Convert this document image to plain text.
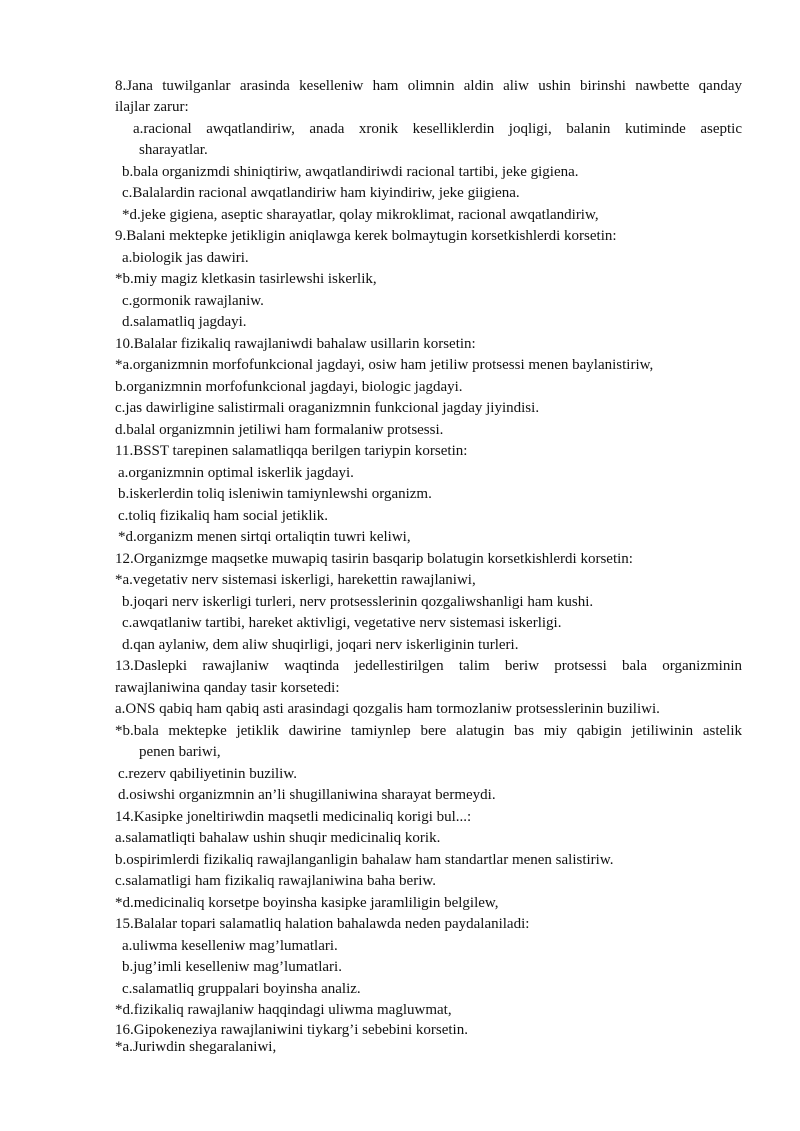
8.Jana tuwilganlar arasinda keselleniw ham olimnin aldin aliw ushin birinshi nawbette qanday
ilajlar zarur:
a.racional awqatlandiriw, anada xronik keselliklerdin joqligi, balanin kutiminde aseptic
sharayatlar.
b.bala organizmdi shiniqtiriw, awqatlandiriwdi racional tartibi, jeke gigiena.
c.Balalardin racional awqatlandiriw ham kiyindiriw, jeke giigiena.
*d.jeke gigiena, aseptic sharayatlar, qolay mikroklimat, racional awqatlandiriw,
9.Balani mektepke jetikligin aniqlawga kerek bolmaytugin korsetkishlerdi korsetin:
a.biologik jas dawiri.
*b.miy magiz kletkasin tasirlewshi iskerlik,
c.gormonik rawajlaniw.
d.salamatliq jagdayi.
10.Balalar fizikaliq rawajlaniwdi bahalaw usillarin korsetin:
*a.organizmnin morfofunkcional jagdayi, osiw ham jetiliw protsessi menen baylanistiriw,
b.organizmnin morfofunkcional jagdayi, biologic jagdayi.
c.jas dawirligine salistirmali oraganizmnin funkcional jagday jiyindisi.
d.balal organizmnin jetiliwi ham formalaniw protsessi.
11.BSST tarepinen salamatliqqa berilgen tariypin korsetin:
a.organizmnin optimal iskerlik jagdayi.
b.iskerlerdin toliq isleniwin tamiynlewshi organizm.
c.toliq fizikaliq ham social jetiklik.
*d.organizm menen sirtqi ortaliqtin tuwri keliwi,
12.Organizmge maqsetke muwapiq tasirin basqarip bolatugin korsetkishlerdi korsetin:
*a.vegetativ nerv sistemasi iskerligi, harekettin rawajlaniwi,
b.joqari nerv iskerligi turleri, nerv protsesslerinin qozgaliwshanligi ham kushi.
c.awqatlaniw tartibi, hareket aktivligi, vegetative nerv sistemasi iskerligi.
d.qan aylaniw, dem aliw shuqirligi, joqari nerv iskerliginin turleri.
13.Daslepki rawajlaniw waqtinda jedellestirilgen talim beriw protsessi bala organizminin
rawajlaniwina qanday tasir korsetedi:
a.ONS qabiq ham qabiq asti arasindagi qozgalis ham tormozlaniw protsesslerinin buziliwi.
*b.bala mektepke jetiklik dawirine tamiynlep bere alatugin bas miy qabigin jetiliwinin astelik
penen bariwi,
c.rezerv qabiliyetinin buziliw.
d.osiwshi organizmnin an’li shugillaniwina sharayat bermeydi.
14.Kasipke joneltiriwdin maqsetli medicinaliq korigi bul...:
a.salamatliqti bahalaw ushin shuqir medicinaliq korik.
b.ospirimlerdi fizikaliq rawajlanganligin bahalaw ham standartlar menen salistiriw.
c.salamatligi ham fizikaliq rawajlaniwina baha beriw.
*d.medicinaliq korsetpe boyinsha kasipke jaramliligin belgilew,
15.Balalar topari salamatliq halation bahalawda neden paydalaniladi:
a.uliwma keselleniw mag’lumatlari.
b.jug’imli keselleniw mag’lumatlari.
c.salamatliq gruppalari boyinsha analiz.
*d.fizikaliq rawajlaniw haqqindagi uliwma magluwmat,
16.Gipokeneziya rawajlaniwini tiykarg’i sebebini korsetin.
*a.Juriwdin shegaralaniwi,
